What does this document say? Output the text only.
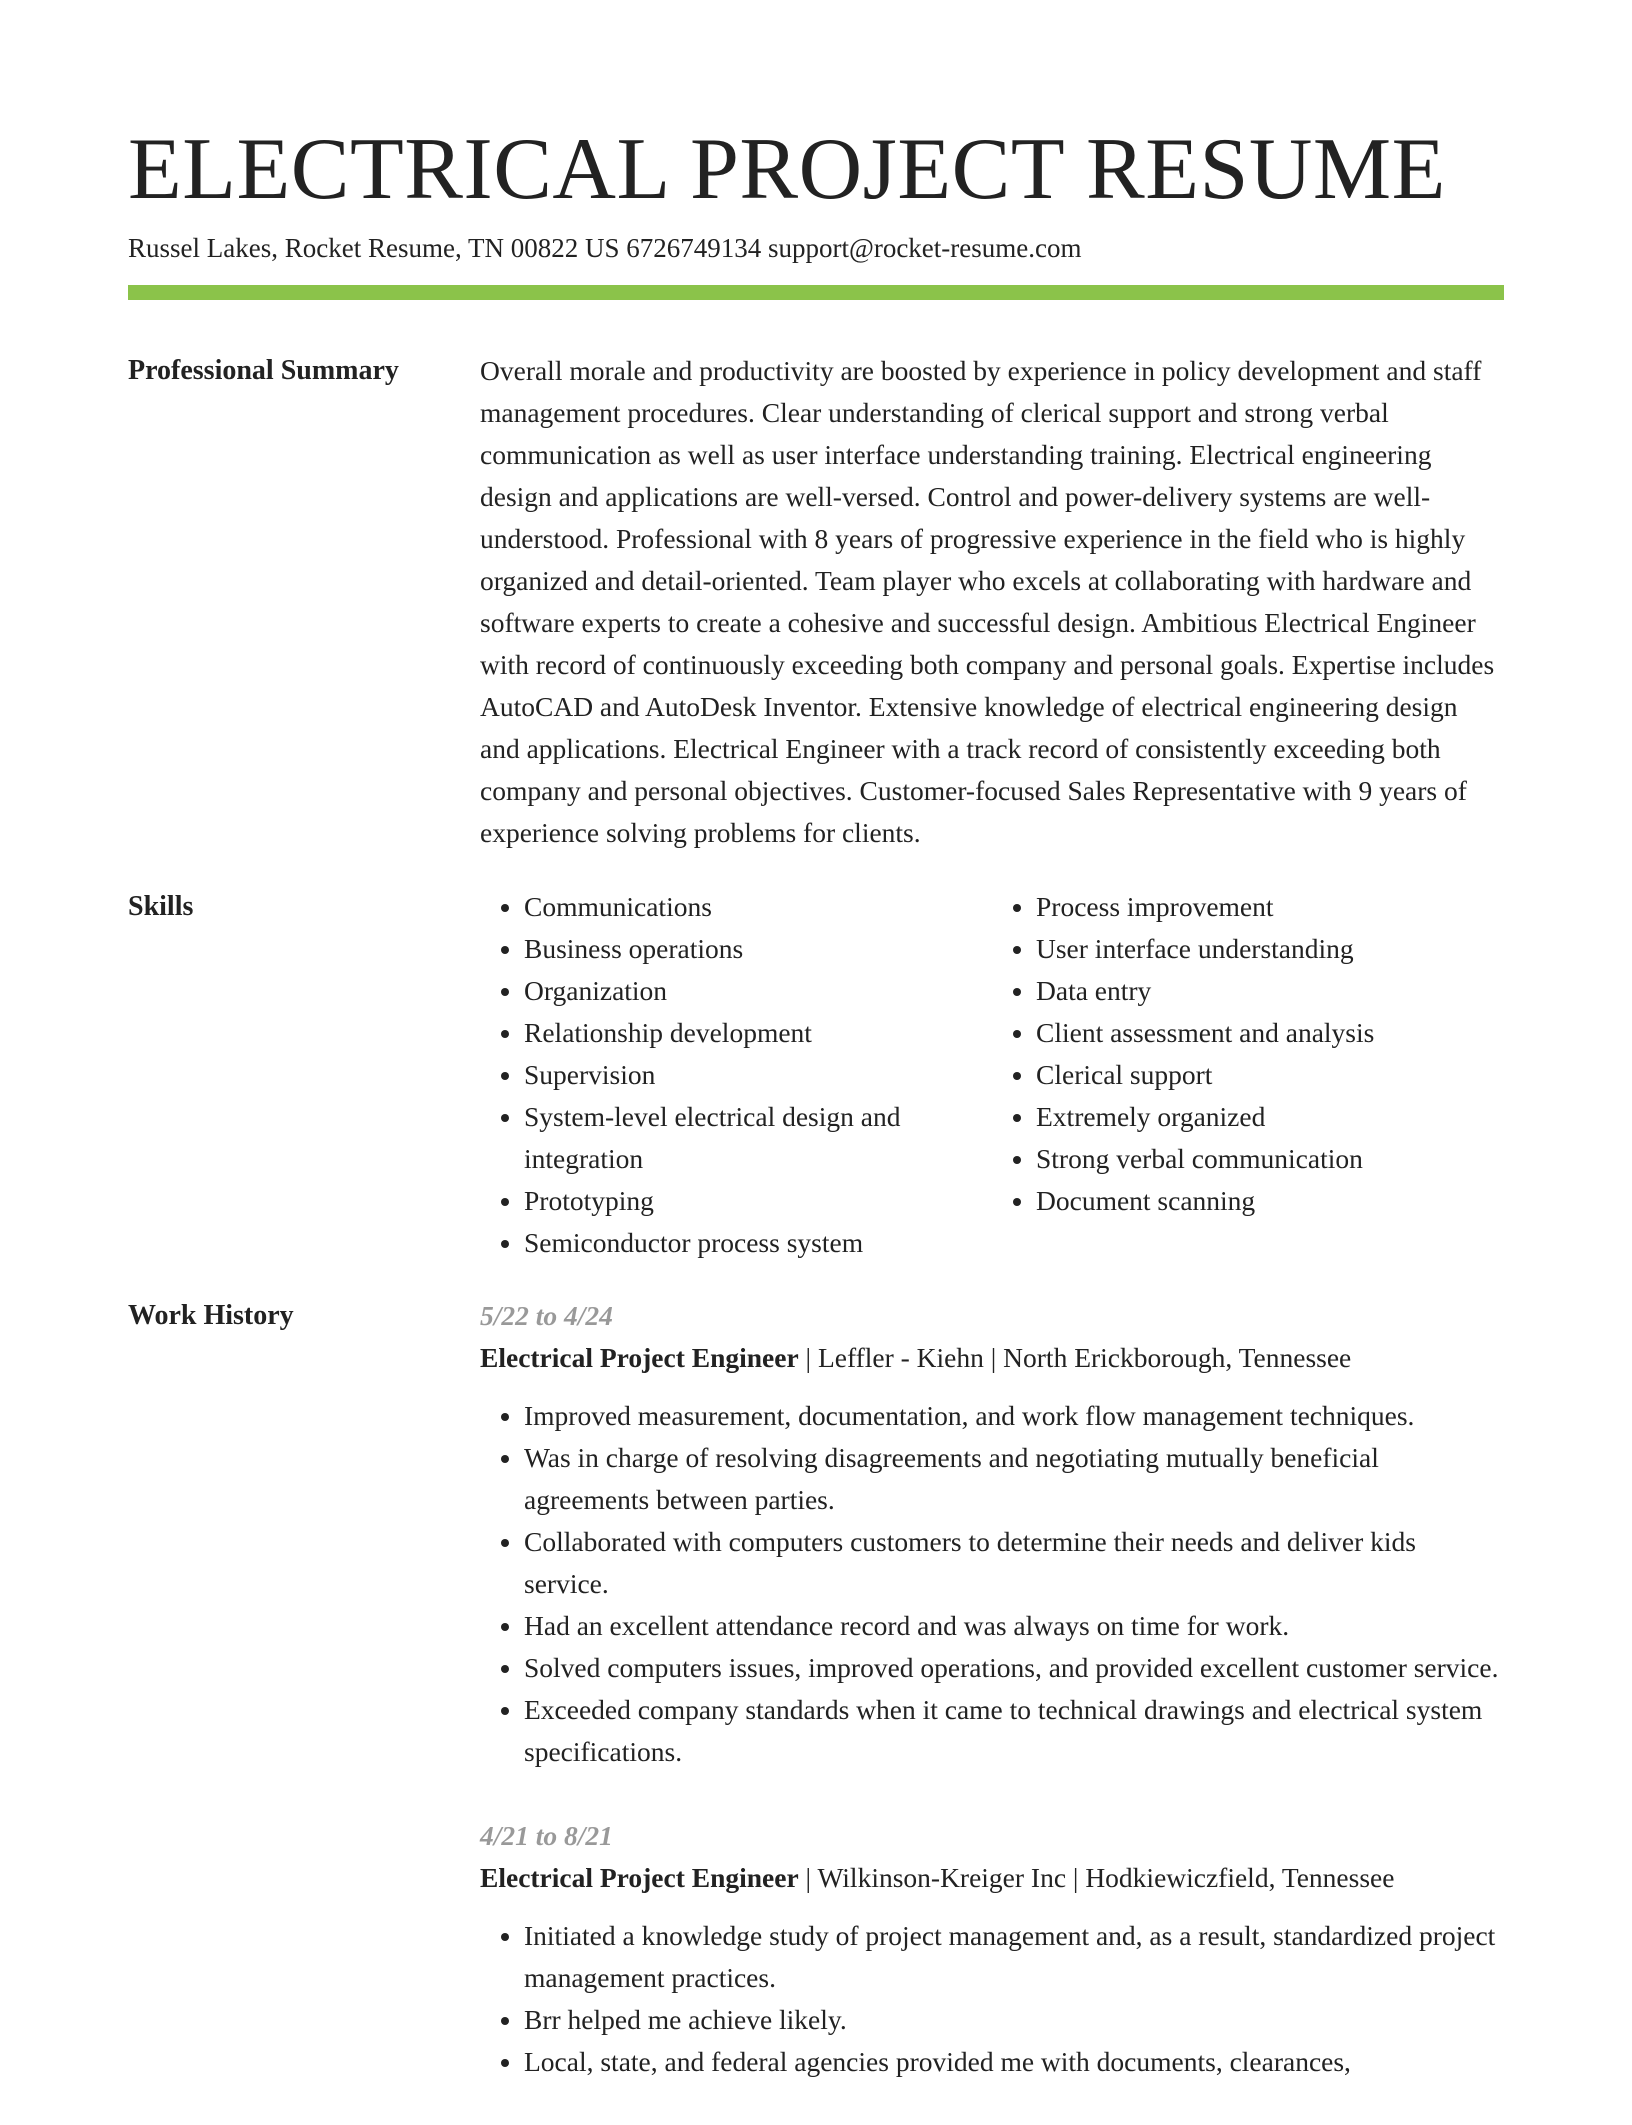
ELECTRICAL PROJECT RESUME
Russel Lakes, Rocket Resume, TN 00822 US 6726749134 support@rocket-resume.com
Professional Summary	Overall morale and productivity are boosted by experience in policy development and staff management procedures. Clear understanding of clerical support and strong verbal communication as well as user interface understanding training. Electrical engineering design and applications are well-versed. Control and power-delivery systems are well-understood. Professional with 8 years of progressive experience in the field who is highly organized and detail-oriented. Team player who excels at collaborating with hardware and software experts to create a cohesive and successful design. Ambitious Electrical Engineer with record of continuously exceeding both company and personal goals. Expertise includes AutoCAD and AutoDesk Inventor. Extensive knowledge of electrical engineering design and applications. Electrical Engineer with a track record of consistently exceeding both company and personal objectives. Customer-focused Sales Representative with 9 years of experience solving problems for clients.

Skills	• Communications
• Business operations
• Organization
• Relationship development
• Supervision
• System-level electrical design and integration
• Prototyping
• Semiconductor process system
• Process improvement
• User interface understanding
• Data entry
• Client assessment and analysis
• Clerical support
• Extremely organized
• Strong verbal communication
• Document scanning
Work History	5/22 to 4/24
Electrical Project Engineer | Leffler - Kiehn | North Erickborough, Tennessee
• Improved measurement, documentation, and work flow management techniques.
• Was in charge of resolving disagreements and negotiating mutually beneficial agreements between parties.
• Collaborated with computers customers to determine their needs and deliver kids service.
• Had an excellent attendance record and was always on time for work.
• Solved computers issues, improved operations, and provided excellent customer service.
• Exceeded company standards when it came to technical drawings and electrical system specifications.
4/21 to 8/21
Electrical Project Engineer | Wilkinson-Kreiger Inc | Hodkiewiczfield, Tennessee
• Initiated a knowledge study of project management and, as a result, standardized project management practices.
• Brr helped me achieve likely.
• Local, state, and federal agencies provided me with documents, clearances,
